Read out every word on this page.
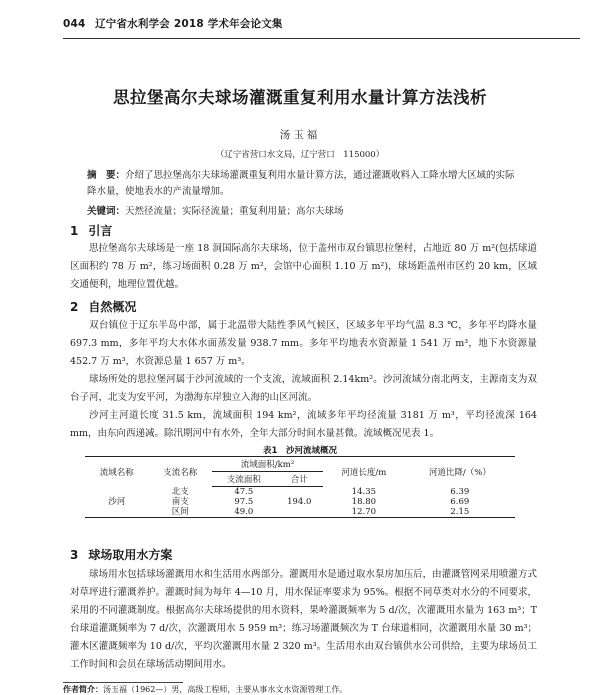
044 辽宁省水利学会 2018 学术年会论文集
思拉堡高尔夫球场灌溉重复利用水量计算方法浅析
汤玉福
（辽宁省营口水文局，辽宁营口　115000）
摘　要：介绍了思拉堡高尔夫球场灌溉重复利用水量计算方法，通过灌溉收料入工降水增大区域的实际降水量，使地表水的产流量增加。
关键词：天然径流量；实际径流量；重复利用量；高尔夫球场
1 引言
思拉堡高尔夫球场是一座 18 洞国际高尔夫球场，位于盖州市双台镇思拉堡村，占地近 80 万 m²(包括球道区面积约 78 万 m²，练习场面积 0.28 万 m²，会馆中心面积 1.10 万 m²)，球场距盖州市区约 20 km，区域交通便利，地理位置优越。
2 自然概况
双台镇位于辽东半岛中部，属于北温带大陆性季风气候区，区域多年平均气温 8.3 ℃，多年平均降水量 697.3 mm，多年平均大水体水面蒸发量 938.7 mm。多年平均地表水资源量 1 541 万 m³，地下水资源量 452.7 万 m³，水资源总量 1 657 万 m³。
球场所处的思拉堡河属于沙河流域的一个支流，流域面积 2.14km²。沙河流域分南北两支，主源南支为双台子河，北支为安平河，为渤海东岸独立入海的山区河流。
沙河主河道长度 31.5 km，流域面积 194 km²，流域多年平均径流量 3181 万 m³，平均径流深 164 mm，由东向西递减。除汛期河中有水外，全年大部分时间水量甚微。流域概况见表 1。
表1　沙河流域概况
流域名称	支流名称	流域面积/km²		河道长度/m	河道比降/（%）
		支流面积	合计		
沙河	北支	47.5	194.0	14.35	6.39
	南支	97.5		18.80	6.69
	区间	49.0		12.70	2.15
3 球场取用水方案
球场用水包括球场灌溉用水和生活用水两部分。灌溉用水是通过取水泵房加压后，由灌溉管网采用喷灌方式对草坪进行灌溉养护。灌溉时间为每年 4—10 月，用水保证率要求为 95%。根据不同草类对水分的不同要求，采用的不同灌溉制度。根据高尔夫球场提供的用水资料，果岭灌溉频率为 5 d/次，次灌溉用水量为 163 m³；T 台球道灌溉频率为 7 d/次，次灌溉用水 5 959 m³；练习场灌溉频次为 T 台球道相同，次灌溉用水量 30 m³；灌木区灌溉频率为 10 d/次，平均次灌溉用水量 2 320 m³。生活用水由双台镇供水公司供给，主要为球场员工工作时间和会员在球场活动期间用水。
作者简介：汤玉福（1962—）男，高级工程师，主要从事水文水资源管理工作。
